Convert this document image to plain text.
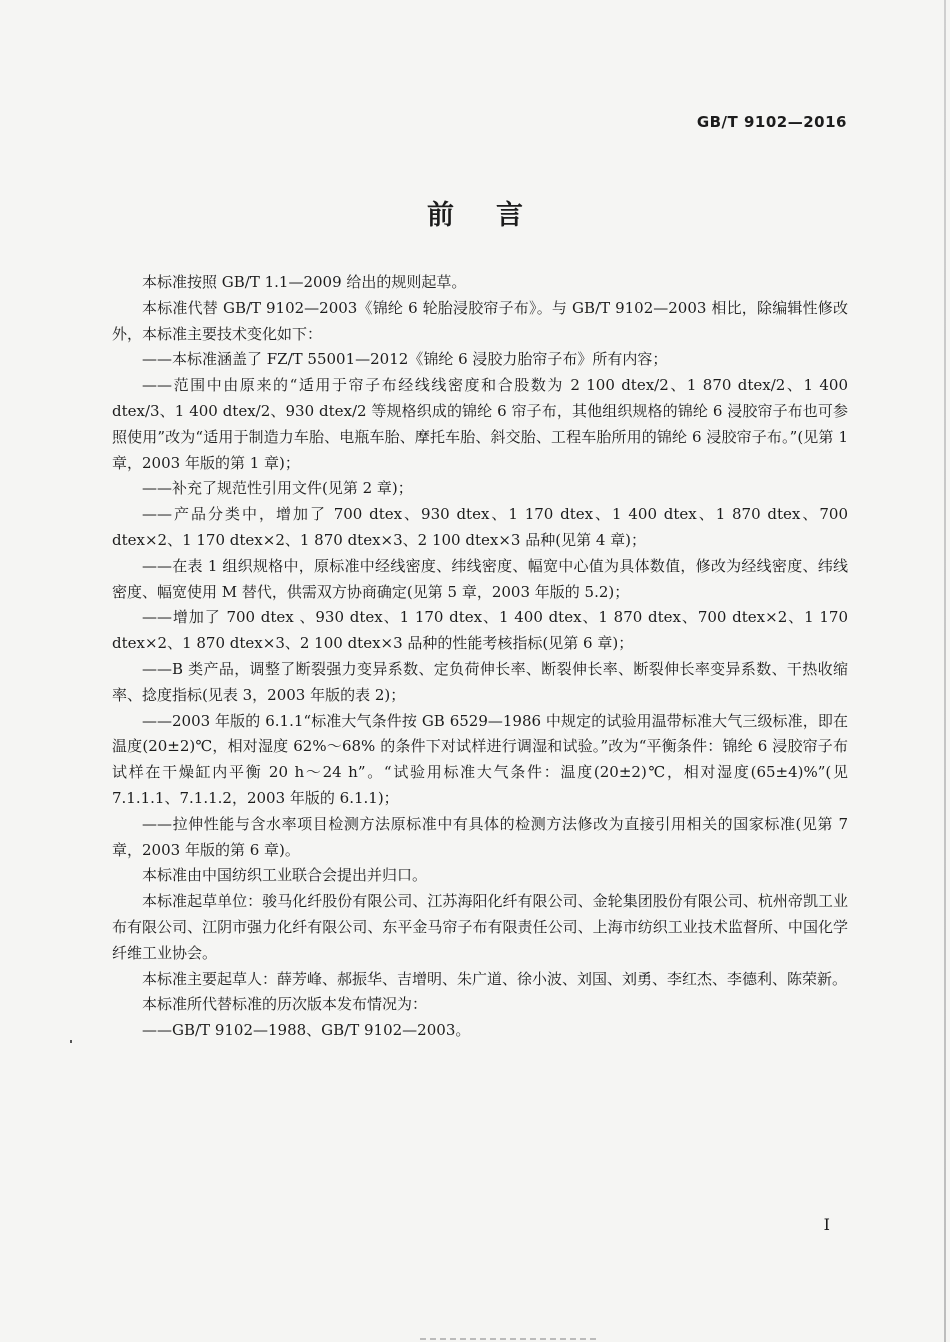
GB/T 9102—2016
前言

本标准按照 GB/T 1.1—2009 给出的规则起草。

本标准代替 GB/T 9102—2003《锦纶 6 轮胎浸胶帘子布》。与 GB/T 9102—2003 相比，除编辑性修改外，本标准主要技术变化如下：

——本标准涵盖了 FZ/T 55001—2012《锦纶 6 浸胶力胎帘子布》所有内容；

——范围中由原来的“适用于帘子布经线线密度和合股数为 2 100 dtex/2、1 870 dtex/2、1 400 dtex/3、1 400 dtex/2、930 dtex/2 等规格织成的锦纶 6 帘子布，其他组织规格的锦纶 6 浸胶帘子布也可参照使用”改为“适用于制造力车胎、电瓶车胎、摩托车胎、斜交胎、工程车胎所用的锦纶 6 浸胶帘子布。”(见第 1 章，2003 年版的第 1 章)；

——补充了规范性引用文件(见第 2 章)；

——产品分类中，增加了 700 dtex、930 dtex、1 170 dtex、1 400 dtex、1 870 dtex、700 dtex×2、1 170 dtex×2、1 870 dtex×3、2 100 dtex×3 品种(见第 4 章)；

——在表 1 组织规格中，原标准中经线密度、纬线密度、幅宽中心值为具体数值，修改为经线密度、纬线密度、幅宽使用 M 替代，供需双方协商确定(见第 5 章，2003 年版的 5.2)；

——增加了 700 dtex 、930 dtex、1 170 dtex、1 400 dtex、1 870 dtex、700 dtex×2、1 170 dtex×2、1 870 dtex×3、2 100 dtex×3 品种的性能考核指标(见第 6 章)；

——B 类产品，调整了断裂强力变异系数、定负荷伸长率、断裂伸长率、断裂伸长率变异系数、干热收缩率、捻度指标(见表 3，2003 年版的表 2)；

——2003 年版的 6.1.1“标准大气条件按 GB 6529—1986 中规定的试验用温带标准大气三级标准，即在温度(20±2)℃，相对湿度 62%～68% 的条件下对试样进行调湿和试验。”改为“平衡条件：锦纶 6 浸胶帘子布试样在干燥缸内平衡 20 h～24 h”。“试验用标准大气条件：温度(20±2)℃，相对湿度(65±4)%”(见 7.1.1.1、7.1.1.2，2003 年版的 6.1.1)；

——拉伸性能与含水率项目检测方法原标准中有具体的检测方法修改为直接引用相关的国家标准(见第 7 章，2003 年版的第 6 章)。

本标准由中国纺织工业联合会提出并归口。

本标准起草单位：骏马化纤股份有限公司、江苏海阳化纤有限公司、金轮集团股份有限公司、杭州帝凯工业布有限公司、江阴市强力化纤有限公司、东平金马帘子布有限责任公司、上海市纺织工业技术监督所、中国化学纤维工业协会。

本标准主要起草人：薛芳峰、郝振华、吉增明、朱广道、徐小波、刘国、刘勇、李红杰、李德利、陈荣新。

本标准所代替标准的历次版本发布情况为：

——GB/T 9102—1988、GB/T 9102—2003。

I
